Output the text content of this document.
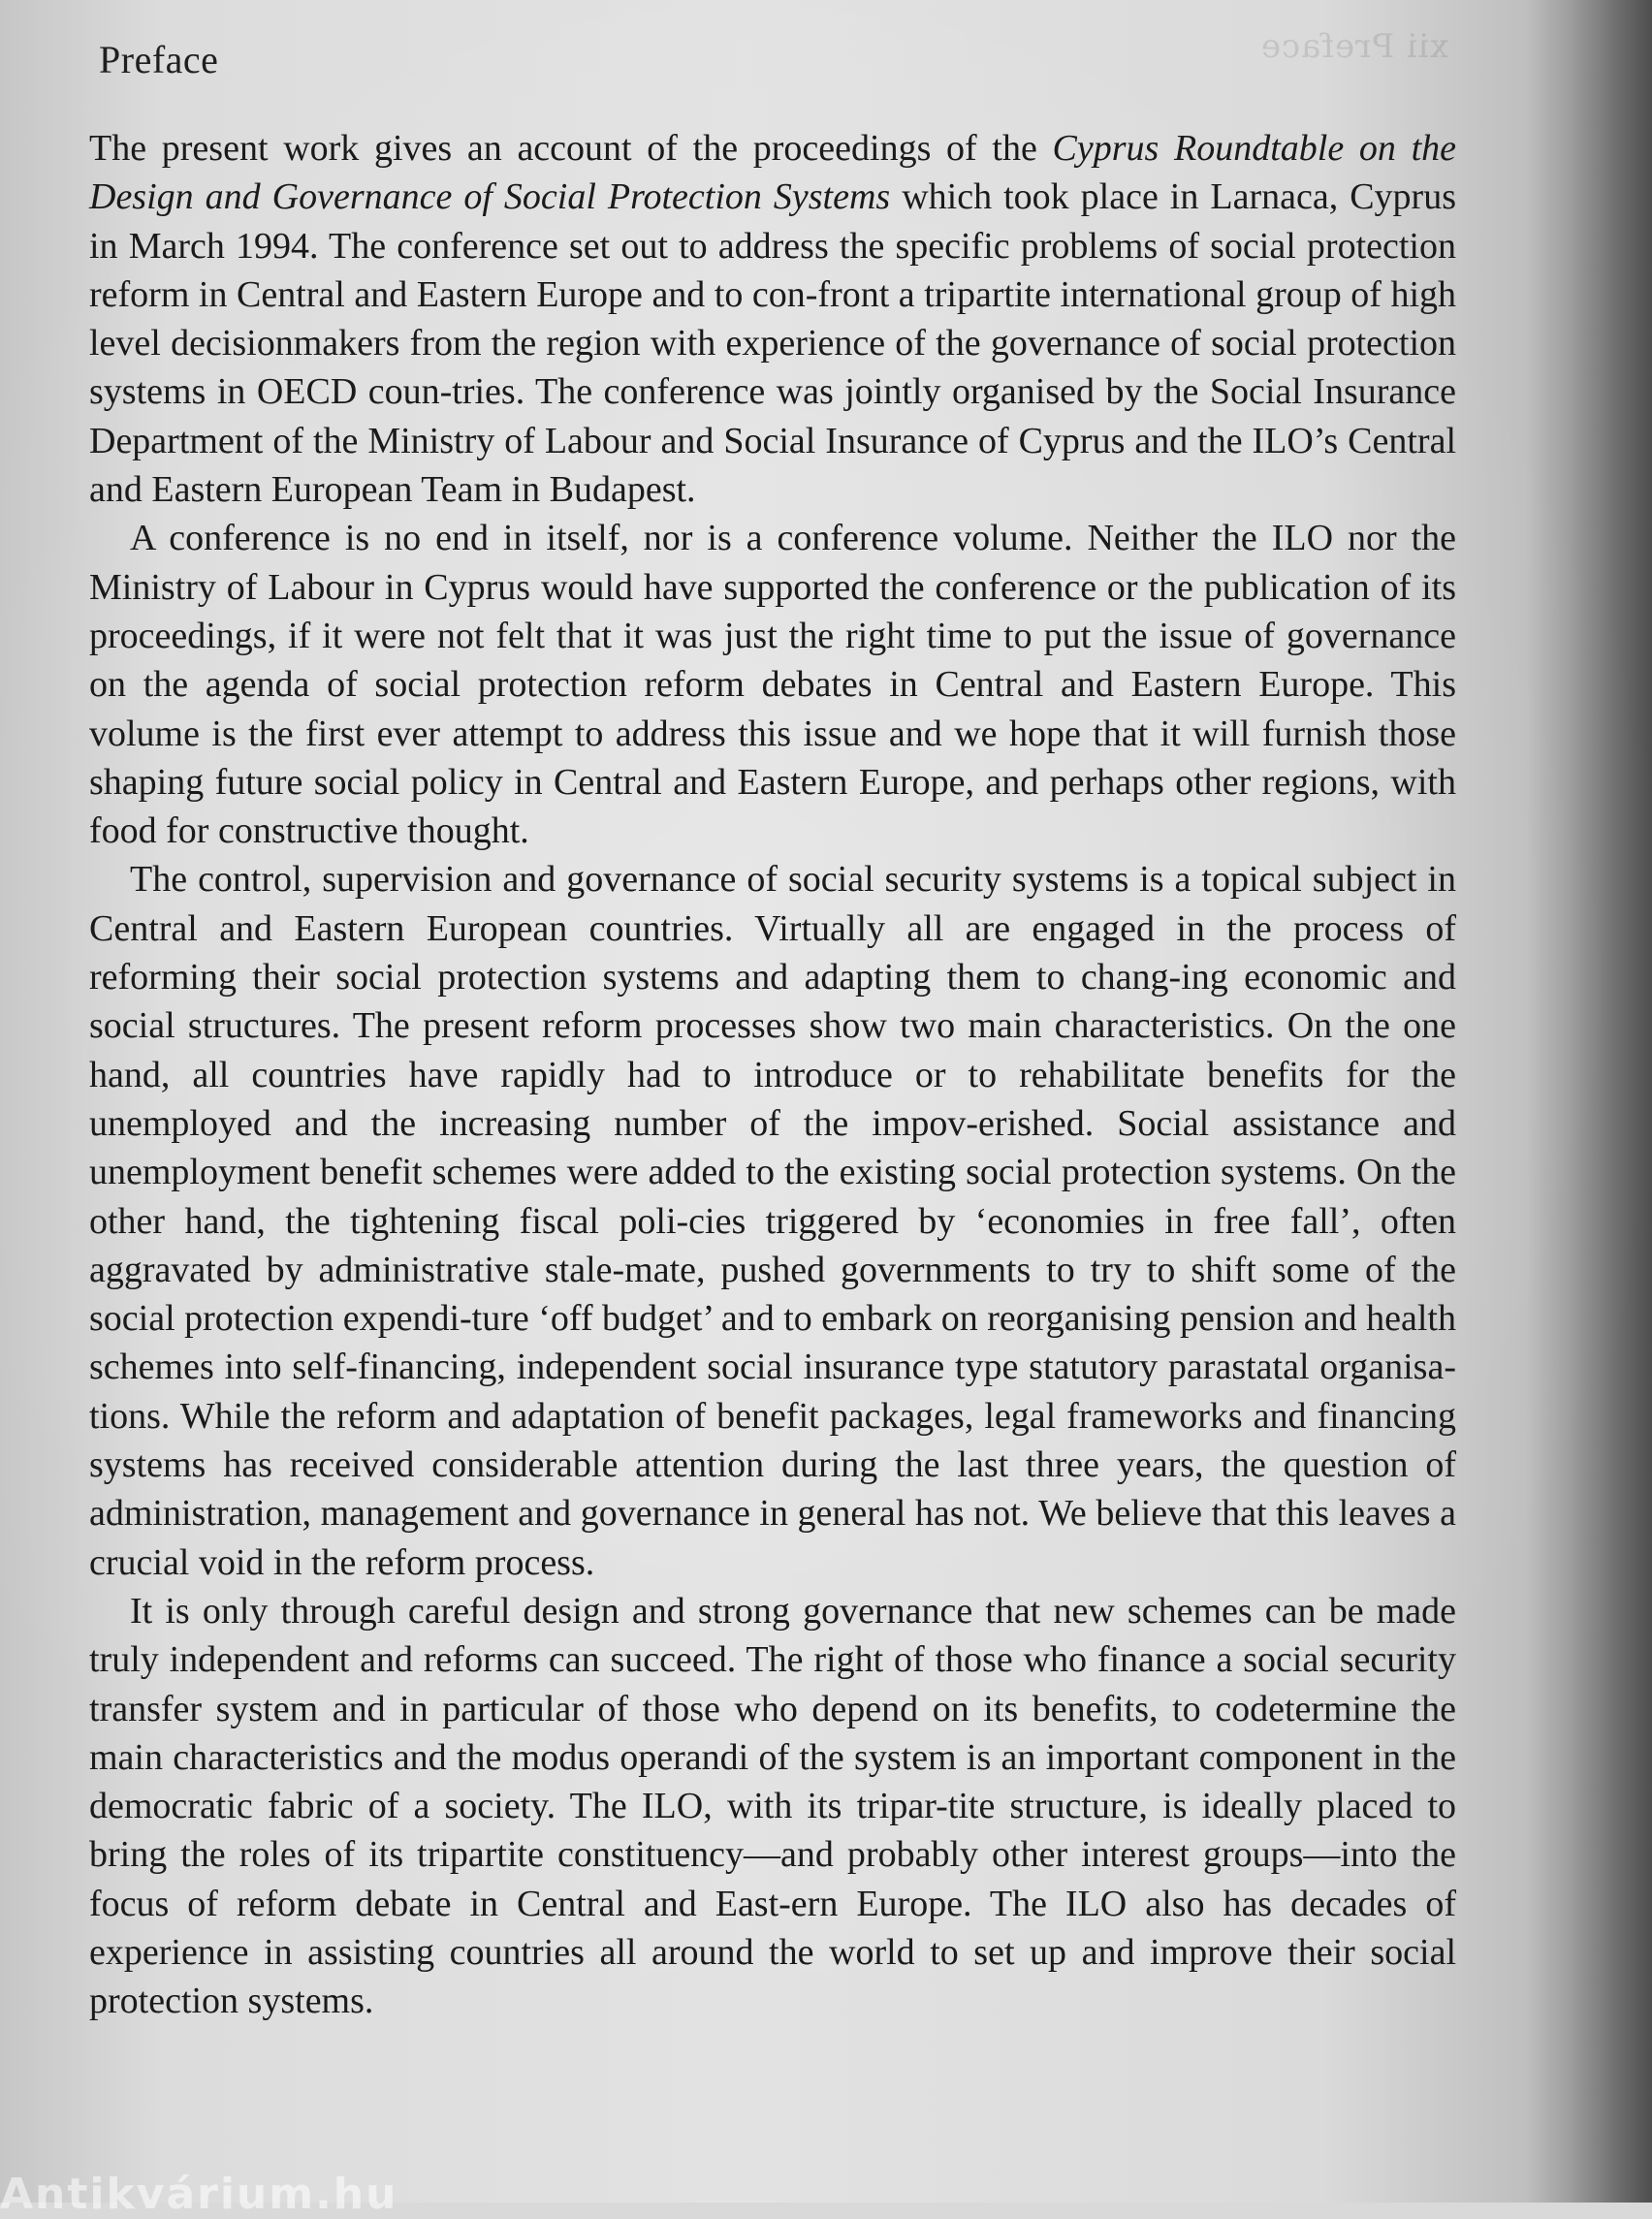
xii Preface
Preface

The present work gives an account of the proceedings of the Cyprus Roundtable on the Design and Governance of Social Protection Systems which took place in Larnaca, Cyprus in March 1994. The conference set out to address the specific problems of social protection reform in Central and Eastern Europe and to con-front a tripartite international group of high level decisionmakers from the region with experience of the governance of social protection systems in OECD coun-tries. The conference was jointly organised by the Social Insurance Department of the Ministry of Labour and Social Insurance of Cyprus and the ILO’s Central and Eastern European Team in Budapest.

A conference is no end in itself, nor is a conference volume. Neither the ILO nor the Ministry of Labour in Cyprus would have supported the conference or the publication of its proceedings, if it were not felt that it was just the right time to put the issue of governance on the agenda of social protection reform debates in Central and Eastern Europe. This volume is the first ever attempt to address this issue and we hope that it will furnish those shaping future social policy in Central and Eastern Europe, and perhaps other regions, with food for constructive thought.

The control, supervision and governance of social security systems is a topical subject in Central and Eastern European countries. Virtually all are engaged in the process of reforming their social protection systems and adapting them to chang-ing economic and social structures. The present reform processes show two main characteristics. On the one hand, all countries have rapidly had to introduce or to rehabilitate benefits for the unemployed and the increasing number of the impov-erished. Social assistance and unemployment benefit schemes were added to the existing social protection systems. On the other hand, the tightening fiscal poli-cies triggered by ‘economies in free fall’, often aggravated by administrative stale-mate, pushed governments to try to shift some of the social protection expendi-ture ‘off budget’ and to embark on reorganising pension and health schemes into self-financing, independent social insurance type statutory parastatal organisa-tions. While the reform and adaptation of benefit packages, legal frameworks and financing systems has received considerable attention during the last three years, the question of administration, management and governance in general has not. We believe that this leaves a crucial void in the reform process.

It is only through careful design and strong governance that new schemes can be made truly independent and reforms can succeed. The right of those who finance a social security transfer system and in particular of those who depend on its benefits, to codetermine the main characteristics and the modus operandi of the system is an important component in the democratic fabric of a society. The ILO, with its tripar-tite structure, is ideally placed to bring the roles of its tripartite constituency—and probably other interest groups—into the focus of reform debate in Central and East-ern Europe. The ILO also has decades of experience in assisting countries all around the world to set up and improve their social protection systems.

Antikvárium.hu
